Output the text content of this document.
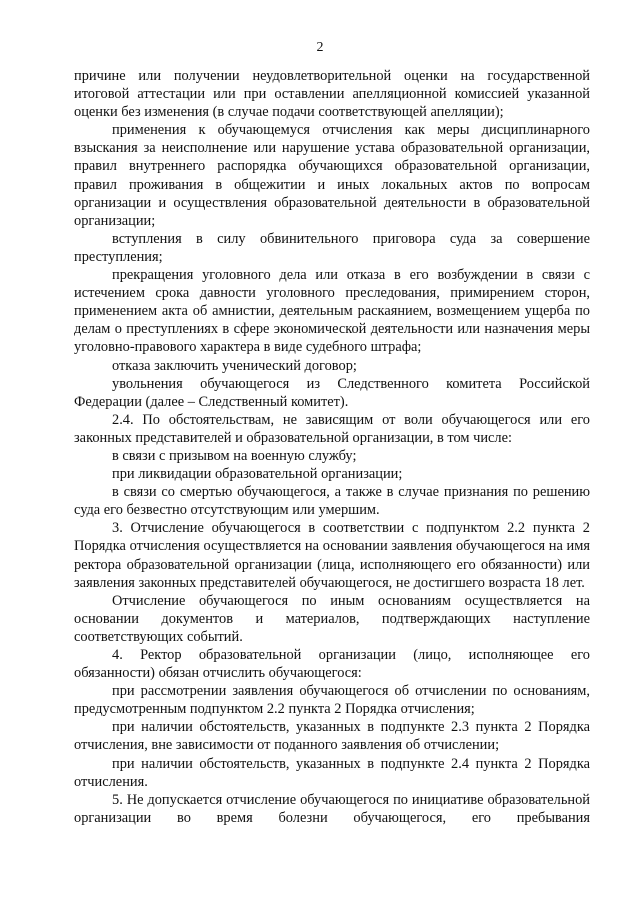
2

причине или получении неудовлетворительной оценки на государственной итоговой аттестации или при оставлении апелляционной комиссией указанной оценки без изменения (в случае подачи соответствующей апелляции);

применения к обучающемуся отчисления как меры дисциплинарного взыскания за неисполнение или нарушение устава образовательной организации, правил внутреннего распорядка обучающихся образовательной организации, правил проживания в общежитии и иных локальных актов по вопросам организации и осуществления образовательной деятельности в образовательной организации;

вступления в силу обвинительного приговора суда за совершение преступления;

прекращения уголовного дела или отказа в его возбуждении в связи с истечением срока давности уголовного преследования, примирением сторон, применением акта об амнистии, деятельным раскаянием, возмещением ущерба по делам о преступлениях в сфере экономической деятельности или назначения меры уголовно-правового характера в виде судебного штрафа;

отказа заключить ученический договор;

увольнения обучающегося из Следственного комитета Российской Федерации (далее – Следственный комитет).

2.4. По обстоятельствам, не зависящим от воли обучающегося или его законных представителей и образовательной организации, в том числе:

в связи с призывом на военную службу;

при ликвидации образовательной организации;

в связи со смертью обучающегося, а также в случае признания по решению суда его безвестно отсутствующим или умершим.

3. Отчисление обучающегося в соответствии с подпунктом 2.2 пункта 2 Порядка отчисления осуществляется на основании заявления обучающегося на имя ректора образовательной организации (лица, исполняющего его обязанности) или заявления законных представителей обучающегося, не достигшего возраста 18 лет.

Отчисление обучающегося по иным основаниям осуществляется на основании документов и материалов, подтверждающих наступление соответствующих событий.

4. Ректор образовательной организации (лицо, исполняющее его обязанности) обязан отчислить обучающегося:

при рассмотрении заявления обучающегося об отчислении по основаниям, предусмотренным подпунктом 2.2 пункта 2 Порядка отчисления;

при наличии обстоятельств, указанных в подпункте 2.3 пункта 2 Порядка отчисления, вне зависимости от поданного заявления об отчислении;

при наличии обстоятельств, указанных в подпункте 2.4 пункта 2 Порядка отчисления.

5. Не допускается отчисление обучающегося по инициативе образовательной организации во время болезни обучающегося, его пребывания
